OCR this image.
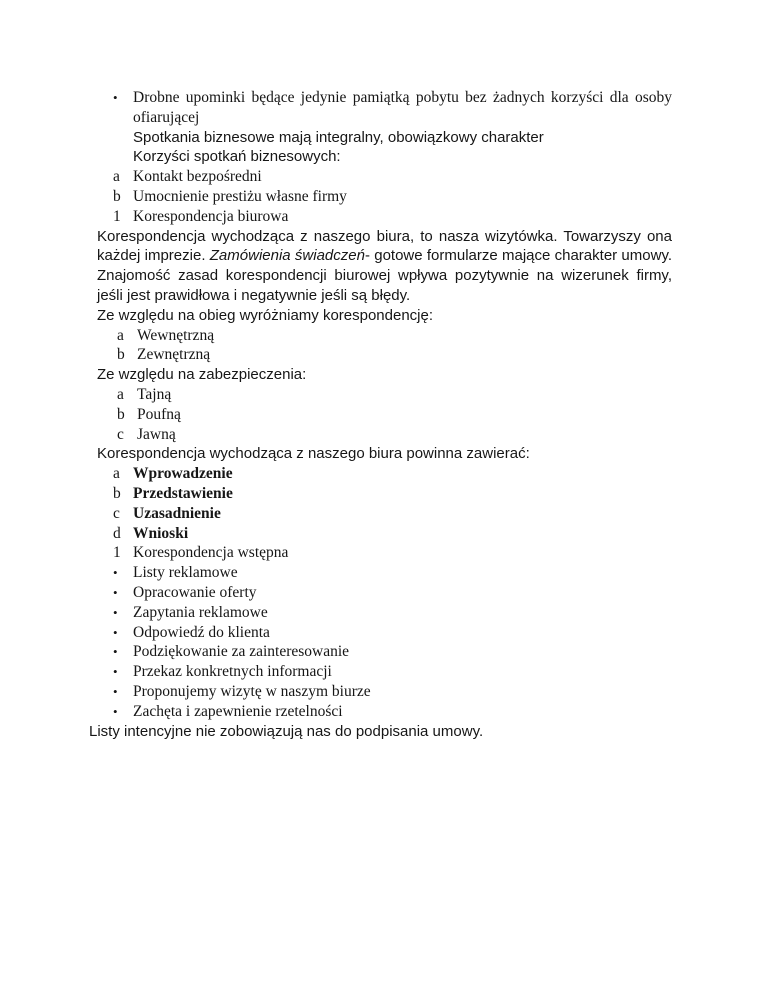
• Drobne upominki będące jedynie pamiątką pobytu bez żadnych korzyści dla osoby ofiarującej
Spotkania biznesowe mają integralny, obowiązkowy charakter
Korzyści spotkań biznesowych:
a Kontakt bezpośredni
b Umocnienie prestiżu własne firmy
1 Korespondencja biurowa
Korespondencja wychodząca z naszego biura, to nasza wizytówka. Towarzyszy ona każdej imprezie. Zamówienia świadczeń- gotowe formularze mające charakter umowy. Znajomość zasad korespondencji biurowej wpływa pozytywnie na wizerunek firmy, jeśli jest prawidłowa i negatywnie jeśli są błędy.
Ze względu na obieg wyróżniamy korespondencję:
a Wewnętrzną
b Zewnętrzną
Ze względu na zabezpieczenia:
a Tajną
b Poufną
c Jawną
Korespondencja wychodząca z naszego biura powinna zawierać:
a Wprowadzenie
b Przedstawienie
c Uzasadnienie
d Wnioski
1 Korespondencja wstępna
• Listy reklamowe
• Opracowanie oferty
• Zapytania reklamowe
• Odpowiedź do klienta
• Podziękowanie za zainteresowanie
• Przekaz konkretnych informacji
• Proponujemy wizytę w naszym biurze
• Zachęta i zapewnienie rzetelności
Listy intencyjne nie zobowiązują nas do podpisania umowy.
